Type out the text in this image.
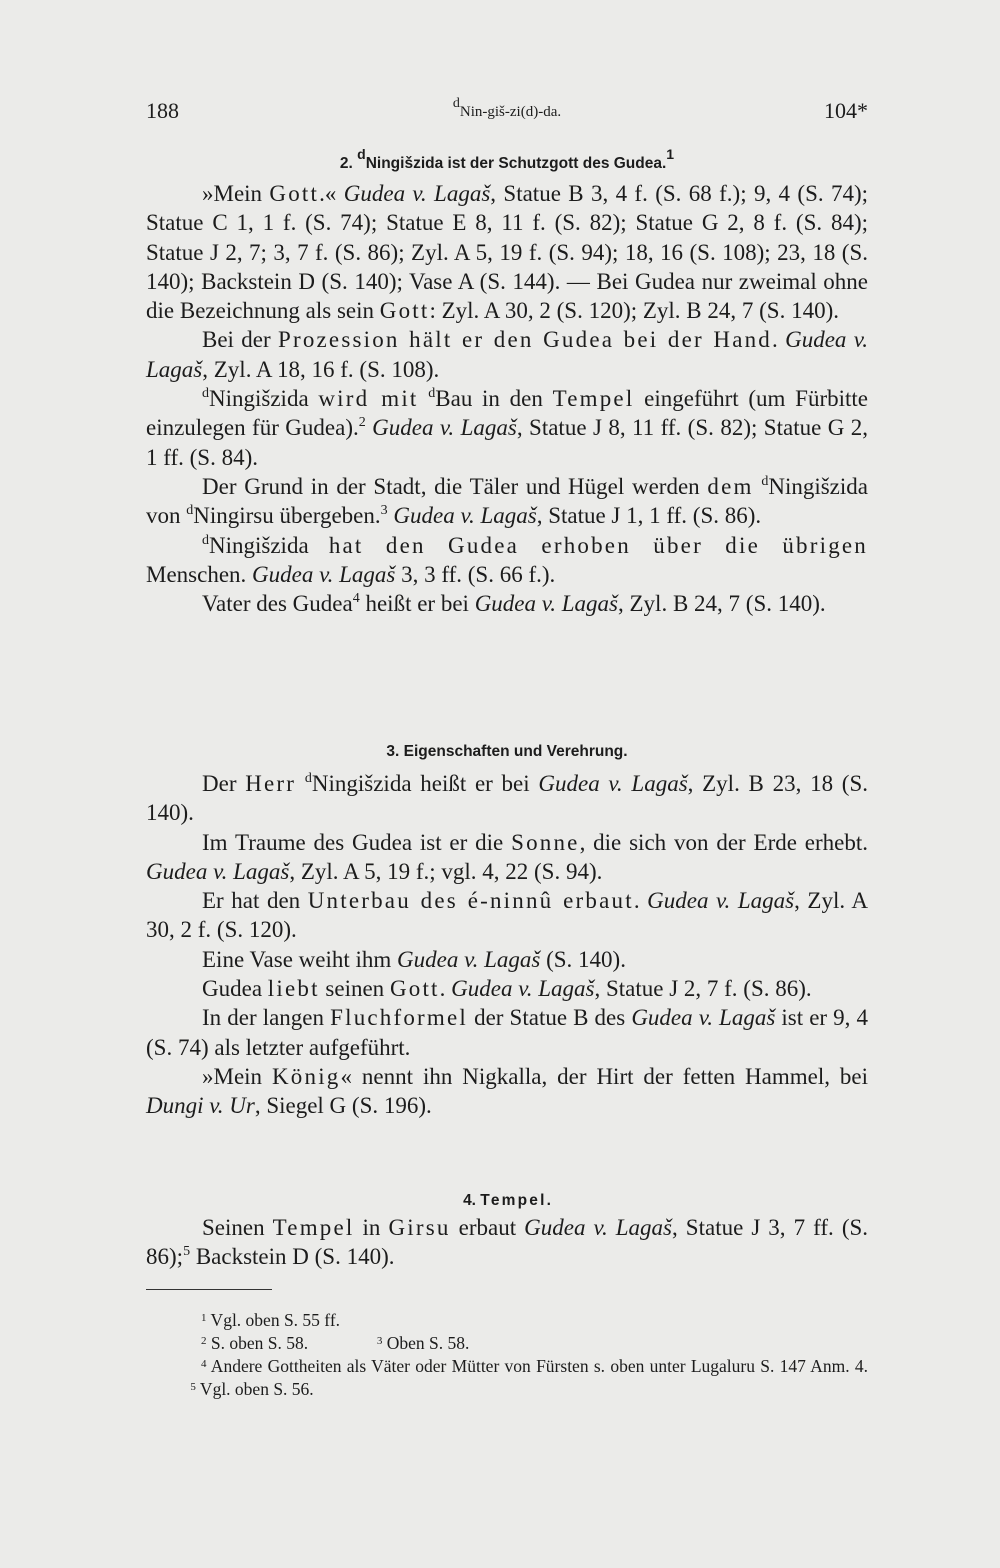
188	$^d$Nin-giš-zi(d)-da.	104*
2. $^d$Ningišzida ist der Schutzgott des Gudea.$^1$

»Mein Gott.« Gudea v. Lagaš, Statue B 3, 4 f. (S. 68 f.); 9, 4 (S. 74); Statue C 1, 1 f. (S. 74); Statue E 8, 11 f. (S. 82); Statue G 2, 8 f. (S. 84); Statue J 2, 7; 3, 7 f. (S. 86); Zyl. A 5, 19 f. (S. 94); 18, 16 (S. 108); 23, 18 (S. 140); Backstein D (S. 140); Vase A (S. 144). — Bei Gudea nur zweimal ohne die Bezeichnung als sein Gott: Zyl. A 30, 2 (S. 120); Zyl. B 24, 7 (S. 140).

Bei der Prozession hält er den Gudea bei der Hand. Gudea v. Lagaš, Zyl. A 18, 16 f. (S. 108).

$^d$Ningišzida wird mit $^d$Bau in den Tempel eingeführt (um Fürbitte einzulegen für Gudea).$^2$ Gudea v. Lagaš, Statue J 8, 11 ff. (S. 82); Statue G 2, 1 ff. (S. 84).

Der Grund in der Stadt, die Täler und Hügel werden dem $^d$Ningišzida von $^d$Ningirsu übergeben.$^3$ Gudea v. Lagaš, Statue J 1, 1 ff. (S. 86).

$^d$Ningišzida hat den Gudea erhoben über die übrigen Menschen. Gudea v. Lagaš 3, 3 ff. (S. 66 f.).

Vater des Gudea$^4$ heißt er bei Gudea v. Lagaš, Zyl. B 24, 7 (S. 140).

3. Eigenschaften und Verehrung.

Der Herr $^d$Ningišzida heißt er bei Gudea v. Lagaš, Zyl. B 23, 18 (S. 140).

Im Traume des Gudea ist er die Sonne, die sich von der Erde erhebt. Gudea v. Lagaš, Zyl. A 5, 19 f.; vgl. 4, 22 (S. 94).

Er hat den Unterbau des é-ninnû erbaut. Gudea v. Lagaš, Zyl. A 30, 2 f. (S. 120).

Eine Vase weiht ihm Gudea v. Lagaš (S. 140).

Gudea liebt seinen Gott. Gudea v. Lagaš, Statue J 2, 7 f. (S. 86).

In der langen Fluchformel der Statue B des Gudea v. Lagaš ist er 9, 4 (S. 74) als letzter aufgeführt.

»Mein König« nennt ihn Nigkalla, der Hirt der fetten Hammel, bei Dungi v. Ur, Siegel G (S. 196).

4. Tempel.

Seinen Tempel in Girsu erbaut Gudea v. Lagaš, Statue J 3, 7 ff. (S. 86);$^5$ Backstein D (S. 140).

$^1$ Vgl. oben S. 55 ff.
$^2$ S. oben S. 58.	$^3$ Oben S. 58.
$^4$ Andere Gottheiten als Väter oder Mütter von Fürsten s. oben unter Lugaluru S. 147 Anm. 4.  $^5$ Vgl. oben S. 56.
